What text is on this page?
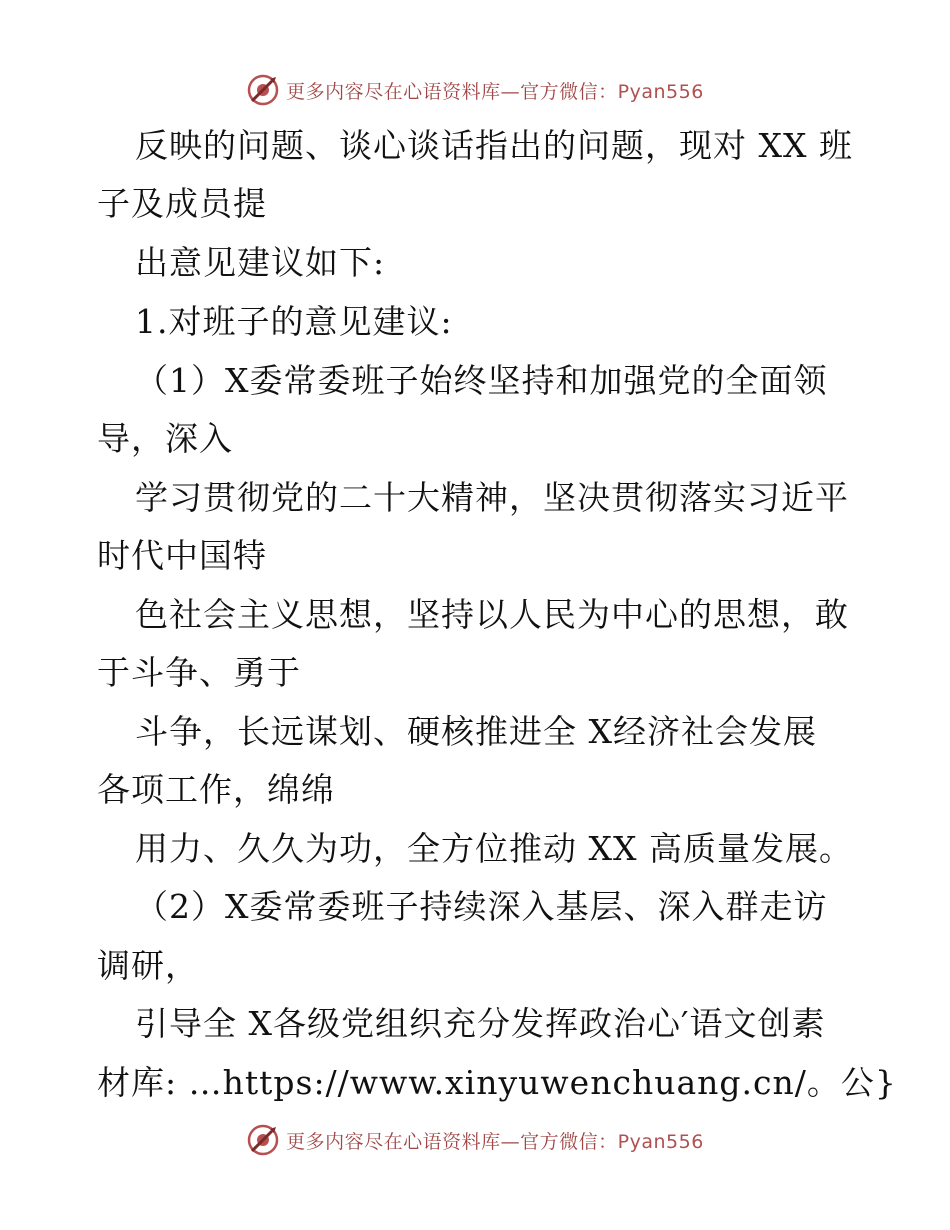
更多内容尽在心语资料库—官方微信：Pyan556
反映的问题、谈心谈话指出的问题，现对 XX 班
子及成员提
出意见建议如下:
1.对班子的意见建议:
（1）X委常委班子始终坚持和加强党的全面领
导，深入
学习贯彻党的二十大精神，坚决贯彻落实习近平
时代中国特
色社会主义思想，坚持以人民为中心的思想，敢
于斗争、勇于
斗争，长远谋划、硬核推进全 X经济社会发展
各项工作，绵绵
用力、久久为功，全方位推动 XX 高质量发展。
（2）X委常委班子持续深入基层、深入群走访
调研，
引导全 X各级党组织充分发挥政治心′语文创素
材库: …https://www.xinyuwenchuang.cn/。公}
更多内容尽在心语资料库—官方微信：Pyan556
